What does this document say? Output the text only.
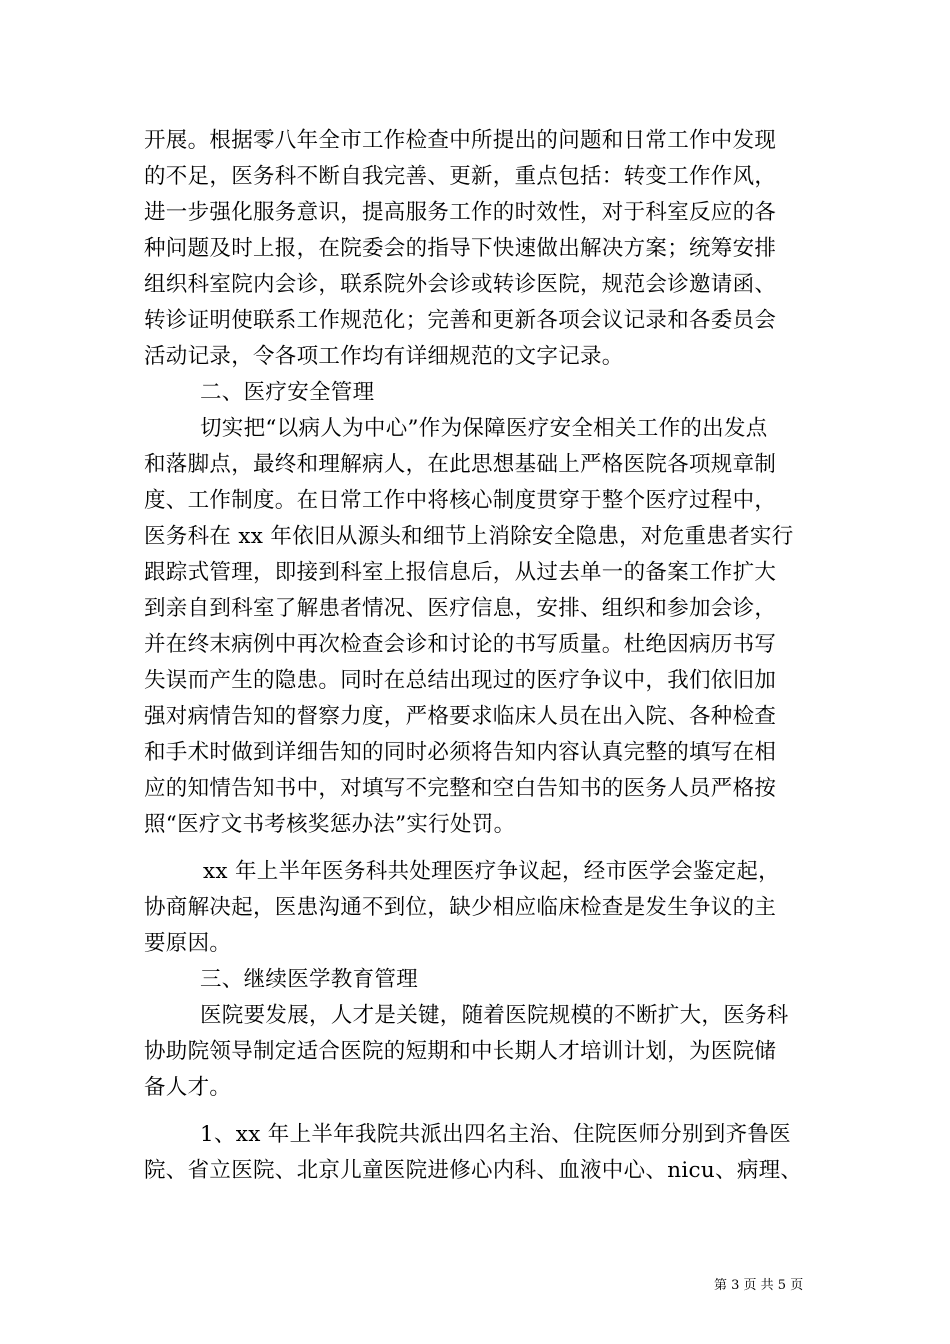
开展。根据零八年全市工作检查中所提出的问题和日常工作中发现
的不足，医务科不断自我完善、更新，重点包括：转变工作作风，
进一步强化服务意识，提高服务工作的时效性，对于科室反应的各
种问题及时上报，在院委会的指导下快速做出解决方案；统筹安排
组织科室院内会诊，联系院外会诊或转诊医院，规范会诊邀请函、
转诊证明使联系工作规范化；完善和更新各项会议记录和各委员会
活动记录，令各项工作均有详细规范的文字记录。
二、医疗安全管理
切实把“以病人为中心”作为保障医疗安全相关工作的出发点
和落脚点，最终和理解病人，在此思想基础上严格医院各项规章制
度、工作制度。在日常工作中将核心制度贯穿于整个医疗过程中，
医务科在 xx 年依旧从源头和细节上消除安全隐患，对危重患者实行
跟踪式管理，即接到科室上报信息后，从过去单一的备案工作扩大
到亲自到科室了解患者情况、医疗信息，安排、组织和参加会诊，
并在终末病例中再次检查会诊和讨论的书写质量。杜绝因病历书写
失误而产生的隐患。同时在总结出现过的医疗争议中，我们依旧加
强对病情告知的督察力度，严格要求临床人员在出入院、各种检查
和手术时做到详细告知的同时必须将告知内容认真完整的填写在相
应的知情告知书中，对填写不完整和空白告知书的医务人员严格按
照“医疗文书考核奖惩办法”实行处罚。
xx 年上半年医务科共处理医疗争议起，经市医学会鉴定起，
协商解决起，医患沟通不到位，缺少相应临床检查是发生争议的主
要原因。
三、继续医学教育管理
医院要发展，人才是关键，随着医院规模的不断扩大，医务科
协助院领导制定适合医院的短期和中长期人才培训计划，为医院储
备人才。
1、xx 年上半年我院共派出四名主治、住院医师分别到齐鲁医
院、省立医院、北京儿童医院进修心内科、血液中心、nicu、病理、
第 3 页 共 5 页
